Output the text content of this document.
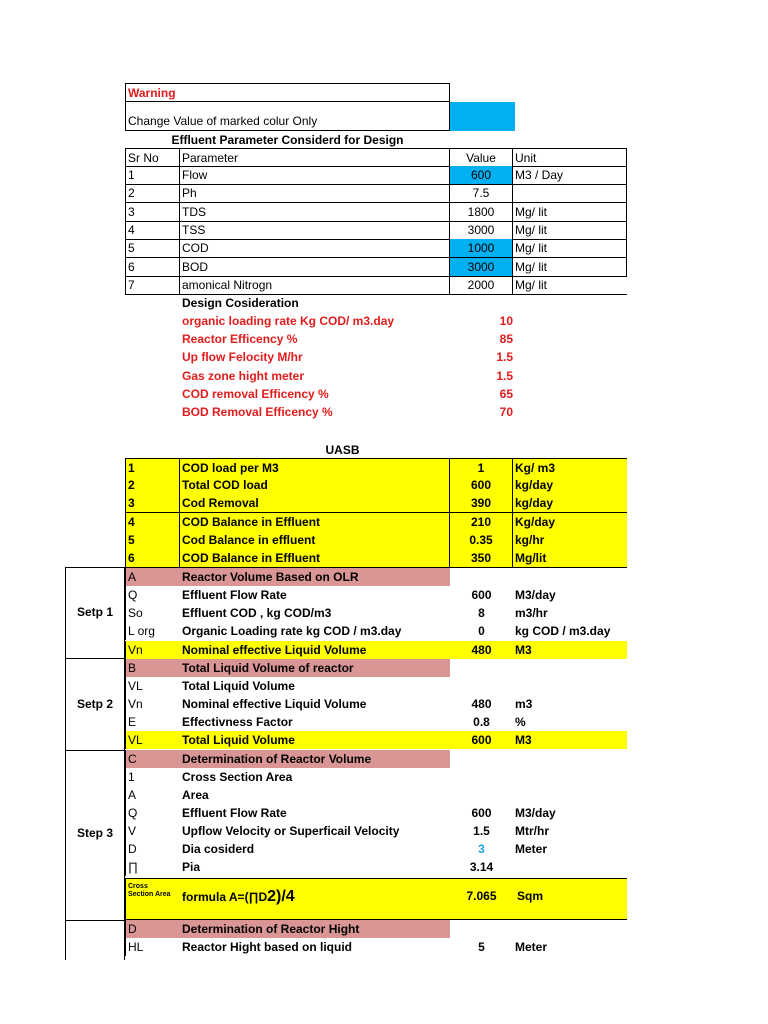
Warning
Change Value of marked colur Only
Effluent Parameter Considerd for Design
Sr No	Parameter	Value	Unit
1	Flow	600	M3 / Day
2	Ph	7.5
3	TDS	1800	Mg/ lit
4	TSS	3000	Mg/ lit
5	COD	1000	Mg/ lit
6	BOD	3000	Mg/ lit
7	amonical Nitrogn	2000	Mg/ lit
Design Cosideration
organic loading rate Kg COD/ m3.day	10
Reactor Efficency %	85
Up flow Felocity M/hr	1.5
Gas zone hight meter	1.5
COD removal Efficency %	65
BOD Removal Efficency %	70
UASB
1	COD load per M3	1	Kg/ m3
2	Total COD load	600	kg/day
3	Cod Removal	390	kg/day
4	COD Balance in Effluent	210	Kg/day
5	Cod Balance in effluent	0.35	kg/hr
6	COD Balance in Effluent	350	Mg/lit
Setp 1
Setp 2
Step 3
A	Reactor Volume Based on OLR
Q	Effluent Flow Rate	600	M3/day
So	Effluent COD , kg COD/m3	8	m3/hr
L org	Organic Loading rate kg COD / m3.day	0	kg COD / m3.day
Vn	Nominal effective Liquid Volume	480	M3
B	Total Liquid Volume of reactor
VL	Total Liquid Volume
Vn	Nominal effective Liquid Volume	480	m3
E	Effectivness Factor	0.8	%
VL	Total Liquid Volume	600	M3
C	Determination of Reactor Volume
1	Cross Section Area
A	Area
Q	Effluent Flow Rate	600	M3/day
V	Upflow Velocity or Superficail Velocity	1.5	Mtr/hr
D	Dia cosiderd	3	Meter
∏	Pia	3.14
Cross Section Area formula A=(∏D2)/4	7.065	Sqm
D	Determination of Reactor Hight
HL	Reactor Hight based on liquid	5	Meter
